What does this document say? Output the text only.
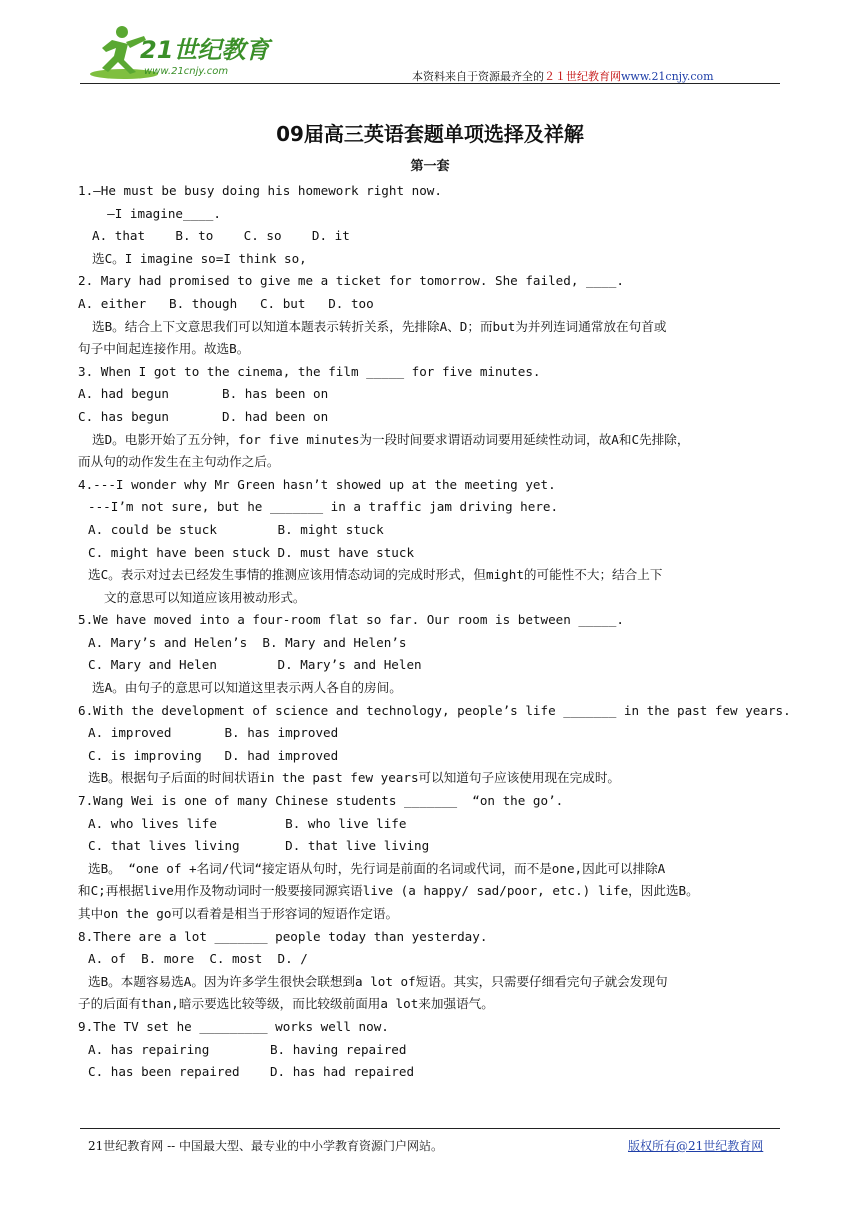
21世纪教育
www.21cnjy.com	本资料来自于资源最齐全的２１世纪教育网www.21cnjy.com
09届高三英语套题单项选择及祥解
第一套
1.—He must be busy doing his homework right now.
—I imagine____.
A. that    B. to    C. so    D. it
选C。I imagine so=I think so,
2. Mary had promised to give me a ticket for tomorrow. She failed, ____.
A. either   B. though   C. but   D. too
选B。结合上下文意思我们可以知道本题表示转折关系，先排除A、D；而but为并列连词通常放在句首或
句子中间起连接作用。故选B。
3. When I got to the cinema, the film _____ for five minutes.
A. had begun       B. has been on
C. has begun       D. had been on
选D。电影开始了五分钟，for five minutes为一段时间要求谓语动词要用延续性动词，故A和C先排除，
而从句的动作发生在主句动作之后。
4.---I wonder why Mr Green hasn’t showed up at the meeting yet.
---I’m not sure, but he _______ in a traffic jam driving here.
A. could be stuck        B. might stuck
C. might have been stuck D. must have stuck
选C。表示对过去已经发生事情的推测应该用情态动词的完成时形式，但might的可能性不大；结合上下
文的意思可以知道应该用被动形式。
5.We have moved into a four-room flat so far. Our room is between _____.
A. Mary’s and Helen’s  B. Mary and Helen’s
C. Mary and Helen        D. Mary’s and Helen
选A。由句子的意思可以知道这里表示两人各自的房间。
6.With the development of science and technology, people’s life _______ in the past few years.
A. improved       B. has improved
C. is improving   D. had improved
选B。根据句子后面的时间状语in the past few years可以知道句子应该使用现在完成时。
7.Wang Wei is one of many Chinese students _______  “on the go’.
A. who lives life         B. who live life
C. that lives living      D. that live living
选B。 “one of +名词/代词“接定语从句时，先行词是前面的名词或代词，而不是one,因此可以排除A
和C;再根据live用作及物动词时一般要接同源宾语live (a happy/ sad/poor, etc.) life，因此选B。
其中on the go可以看着是相当于形容词的短语作定语。
8.There are a lot _______ people today than yesterday.
A. of  B. more  C. most  D. /
选B。本题容易选A。因为许多学生很快会联想到a lot of短语。其实，只需要仔细看完句子就会发现句
子的后面有than,暗示要选比较等级，而比较级前面用a lot来加强语气。
9.The TV set he _________ works well now.
A. has repairing        B. having repaired
C. has been repaired    D. has had repaired
21世纪教育网 -- 中国最大型、最专业的中小学教育资源门户网站。	版权所有@21世纪教育网
